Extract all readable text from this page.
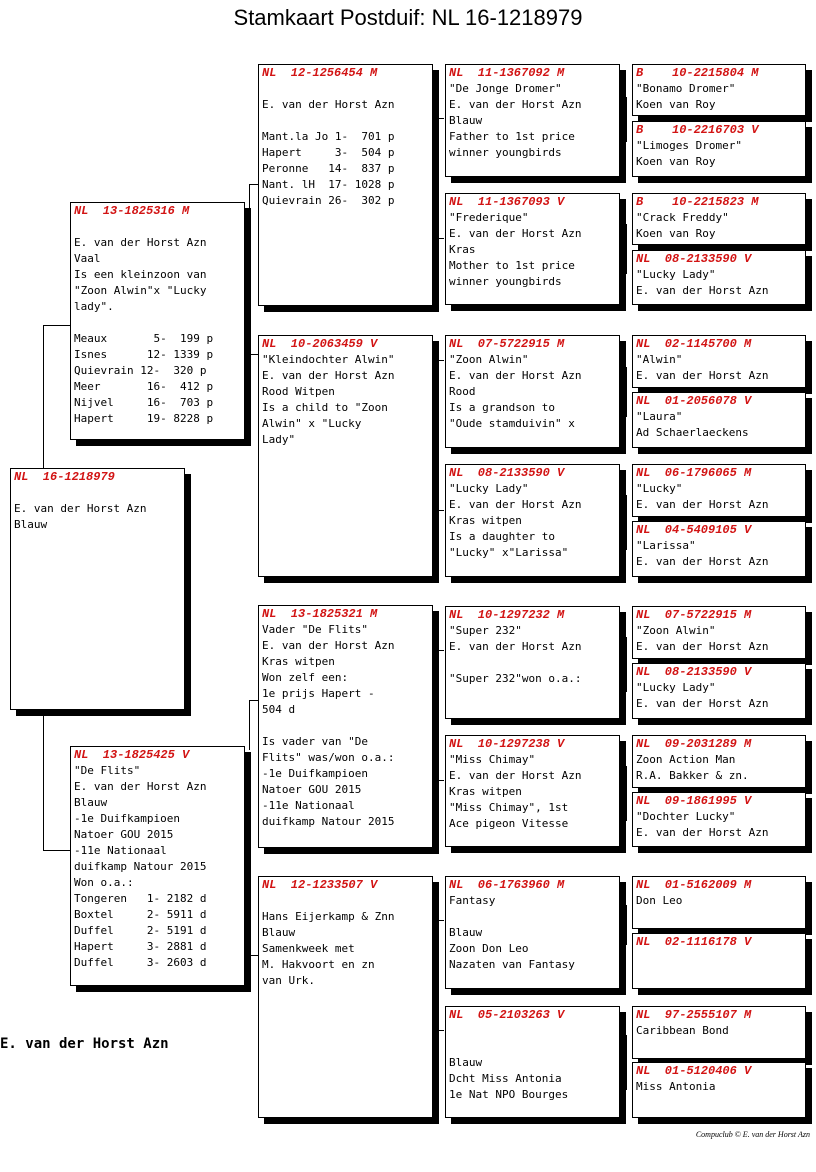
Stamkaart Postduif: NL 16-1218979
NL  16-1218979

E. van der Horst Azn
Blauw
NL  13-1825316 M

E. van der Horst Azn
Vaal
Is een kleinzoon van
"Zoon Alwin"x "Lucky
lady".

Meaux       5-  199 p
Isnes      12- 1339 p
Quievrain 12-  320 p
Meer       16-  412 p
Nijvel     16-  703 p
Hapert     19- 8228 p
NL  13-1825425 V
"De Flits"
E. van der Horst Azn
Blauw
-1e Duifkampioen
Natoer GOU 2015
-11e Nationaal
duifkamp Natour 2015
Won o.a.:
Tongeren   1- 2182 d
Boxtel     2- 5911 d
Duffel     2- 5191 d
Hapert     3- 2881 d
Duffel     3- 2603 d
NL  12-1256454 M

E. van der Horst Azn

Mant.la Jo 1-  701 p
Hapert     3-  504 p
Peronne   14-  837 p
Nant. lH  17- 1028 p
Quievrain 26-  302 p
NL  10-2063459 V
"Kleindochter Alwin"
E. van der Horst Azn
Rood Witpen
Is a child to "Zoon
Alwin" x "Lucky
Lady"
NL  13-1825321 M
Vader "De Flits"
E. van der Horst Azn
Kras witpen
Won zelf een:
1e prijs Hapert -
504 d

Is vader van "De
Flits" was/won o.a.:
-1e Duifkampioen
Natoer GOU 2015
-11e Nationaal
duifkamp Natour 2015
NL  12-1233507 V

Hans Eijerkamp & Znn
Blauw
Samenkweek met
M. Hakvoort en zn
van Urk.
NL  11-1367092 M
"De Jonge Dromer"
E. van der Horst Azn
Blauw
Father to 1st price
winner youngbirds
NL  11-1367093 V
"Frederique"
E. van der Horst Azn
Kras
Mother to 1st price
winner youngbirds
NL  07-5722915 M
"Zoon Alwin"
E. van der Horst Azn
Rood
Is a grandson to
"Oude stamduivin" x
NL  08-2133590 V
"Lucky Lady"
E. van der Horst Azn
Kras witpen
Is a daughter to
"Lucky" x"Larissa"
NL  10-1297232 M
"Super 232"
E. van der Horst Azn

"Super 232"won o.a.:
NL  10-1297238 V
"Miss Chimay"
E. van der Horst Azn
Kras witpen
"Miss Chimay", 1st
Ace pigeon Vitesse
NL  06-1763960 M
Fantasy

Blauw
Zoon Don Leo
Nazaten van Fantasy
NL  05-2103263 V

Blauw
Dcht Miss Antonia
1e Nat NPO Bourges
B    10-2215804 M
"Bonamo Dromer"
Koen van Roy
B    10-2216703 V
"Limoges Dromer"
Koen van Roy
B    10-2215823 M
"Crack Freddy"
Koen van Roy
NL  08-2133590 V
"Lucky Lady"
E. van der Horst Azn
NL  02-1145700 M
"Alwin"
E. van der Horst Azn
NL  01-2056078 V
"Laura"
Ad Schaerlaeckens
NL  06-1796065 M
"Lucky"
E. van der Horst Azn
NL  04-5409105 V
"Larissa"
E. van der Horst Azn
NL  07-5722915 M
"Zoon Alwin"
E. van der Horst Azn
NL  08-2133590 V
"Lucky Lady"
E. van der Horst Azn
NL  09-2031289 M
Zoon Action Man
R.A. Bakker & zn.
NL  09-1861995 V
"Dochter Lucky"
E. van der Horst Azn
NL  01-5162009 M
Don Leo
NL  02-1116178 V
NL  97-2555107 M
Caribbean Bond
NL  01-5120406 V
Miss Antonia
E. van der Horst Azn
Compuclub © E. van der Horst Azn
